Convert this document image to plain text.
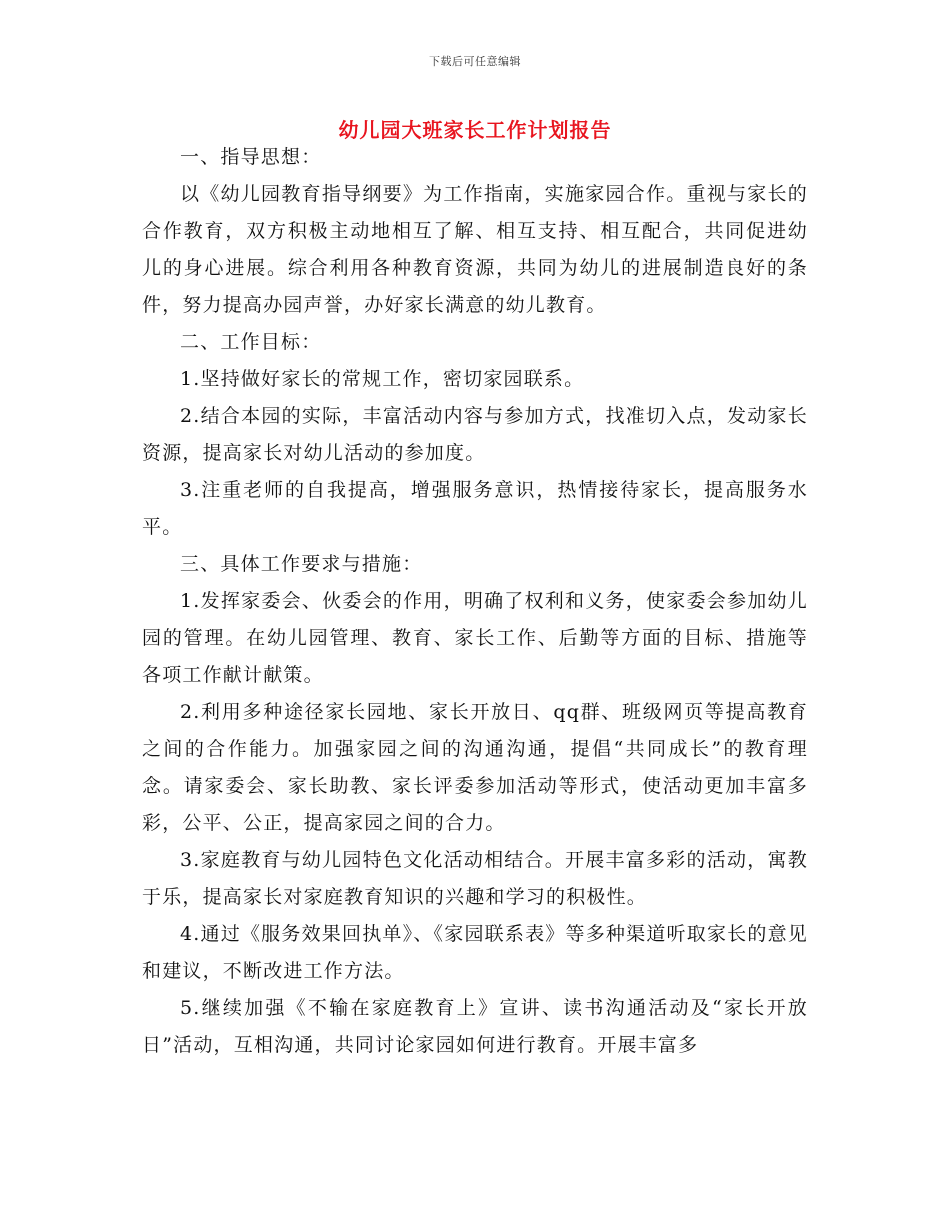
下载后可任意编辑
幼儿园大班家长工作计划报告

一、指导思想：

以《幼儿园教育指导纲要》为工作指南，实施家园合作。重视与家长的合作教育，双方积极主动地相互了解、相互支持、相互配合，共同促进幼儿的身心进展。综合利用各种教育资源，共同为幼儿的进展制造良好的条件，努力提高办园声誉，办好家长满意的幼儿教育。

二、工作目标：

1.坚持做好家长的常规工作，密切家园联系。

2.结合本园的实际，丰富活动内容与参加方式，找准切入点，发动家长资源，提高家长对幼儿活动的参加度。

3.注重老师的自我提高，增强服务意识，热情接待家长，提高服务水平。

三、具体工作要求与措施：

1.发挥家委会、伙委会的作用，明确了权利和义务，使家委会参加幼儿园的管理。在幼儿园管理、教育、家长工作、后勤等方面的目标、措施等各项工作献计献策。

2.利用多种途径家长园地、家长开放日、qq群、班级网页等提高教育之间的合作能力。加强家园之间的沟通沟通，提倡“共同成长”的教育理念。请家委会、家长助教、家长评委参加活动等形式，使活动更加丰富多彩，公平、公正，提高家园之间的合力。

3.家庭教育与幼儿园特色文化活动相结合。开展丰富多彩的活动，寓教于乐，提高家长对家庭教育知识的兴趣和学习的积极性。

4.通过《服务效果回执单》、《家园联系表》等多种渠道听取家长的意见和建议，不断改进工作方法。

5.继续加强《不输在家庭教育上》宣讲、读书沟通活动及“家长开放日”活动，互相沟通，共同讨论家园如何进行教育。开展丰富多
